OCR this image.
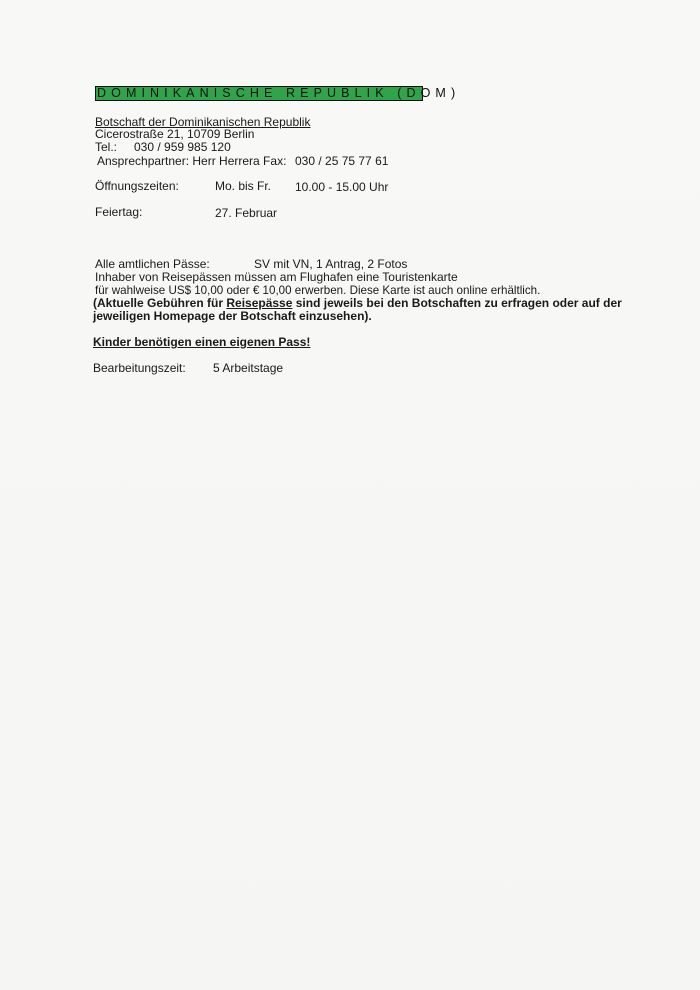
DOMINIKANISCHE REPUBLIK (DOM)
Botschaft der Dominikanischen Republik
Cicerostraße 21, 10709 Berlin
Tel.: 030 / 959 985 120
Ansprechpartner: Herr Herrera Fax: 030 / 25 75 77 61
Öffnungszeiten:	Mo. bis Fr. 10.00 - 15.00 Uhr
Feiertag:	27. Februar
Alle amtlichen Pässe:	SV mit VN, 1 Antrag, 2 Fotos
Inhaber von Reisepässen müssen am Flughafen eine Touristenkarte
für wahlweise US$ 10,00 oder € 10,00 erwerben. Diese Karte ist auch online erhältlich.
(Aktuelle Gebühren für Reisepässe sind jeweils bei den Botschaften zu erfragen oder auf der
jeweiligen Homepage der Botschaft einzusehen).
Kinder benötigen einen eigenen Pass!
Bearbeitungszeit: 5 Arbeitstage
